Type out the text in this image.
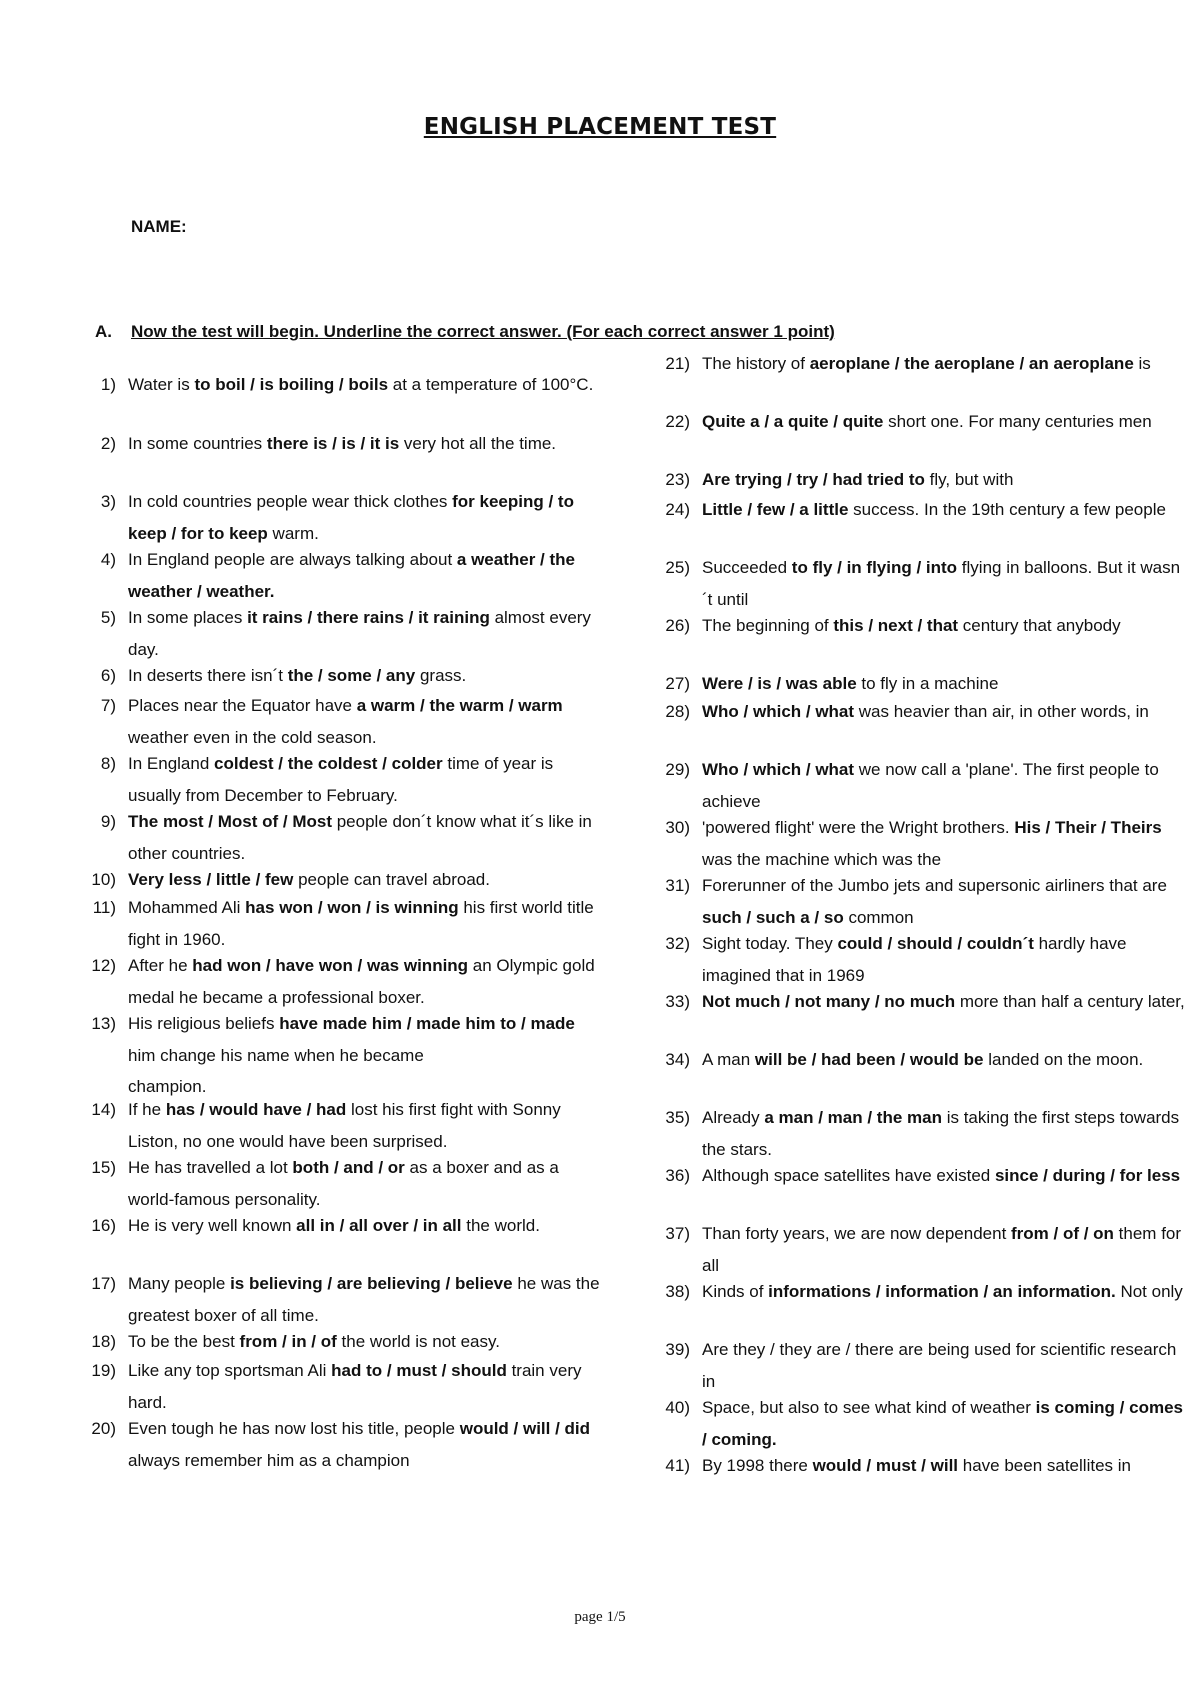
ENGLISH PLACEMENT TEST
NAME:
A. Now the test will begin. Underline the correct answer. (For each correct answer 1 point)
1) Water is to boil / is boiling / boils at a temperature of 100°C.
2) In some countries there is / is / it is very hot all the time.
3) In cold countries people wear thick clothes for keeping / to keep / for to keep warm.
4) In England people are always talking about a weather / the weather / weather.
5) In some places it rains / there rains / it raining almost every day.
6) In deserts there isn´t the / some / any grass.
7) Places near the Equator have a warm / the warm / warm weather even in the cold season.
8) In England coldest / the coldest / colder time of year is usually from December to February.
9) The most / Most of / Most people don´t know what it´s like in other countries.
10) Very less / little / few people can travel abroad.
11) Mohammed Ali has won / won / is winning his first world title fight in 1960.
12) After he had won / have won / was winning an Olympic gold medal he became a professional boxer.
13) His religious beliefs have made him / made him to / made him change his name when he became
champion.
14) If he has / would have / had lost his first fight with Sonny Liston, no one would have been surprised.
15) He has travelled a lot both / and / or as a boxer and as a world-famous personality.
16) He is very well known all in / all over / in all the world.
17) Many people is believing / are believing / believe he was the greatest boxer of all time.
18) To be the best from / in / of the world is not easy.
19) Like any top sportsman Ali had to / must / should train very hard.
20) Even tough he has now lost his title, people would / will / did always remember him as a champion
21) The history of aeroplane / the aeroplane / an aeroplane is
22) Quite a / a quite / quite short one. For many centuries men
23) Are trying / try / had tried to fly, but with
24) Little / few / a little success. In the 19th century a few people
25) Succeeded to fly / in flying / into flying in balloons. But it wasn´t until
26) The beginning of this / next / that century that anybody
27) Were / is / was able to fly in a machine
28) Who / which / what was heavier than air, in other words, in
29) Who / which / what we now call a 'plane'. The first people to achieve
30) 'powered flight' were the Wright brothers. His / Their / Theirs was the machine which was the
31) Forerunner of the Jumbo jets and supersonic airliners that are such / such a / so common
32) Sight today. They could / should / couldn´t hardly have imagined that in 1969
33) Not much / not many / no much more than half a century later,
34) A man will be / had been / would be landed on the moon.
35) Already a man / man / the man is taking the first steps towards the stars.
36) Although space satellites have existed since / during / for less
37) Than forty years, we are now dependent from / of / on them for all
38) Kinds of informations / information / an information. Not only
39) Are they / they are / there are being used for scientific research in
40) Space, but also to see what kind of weather is coming / comes / coming.
41) By 1998 there would / must / will have been satellites in
page 1/5
